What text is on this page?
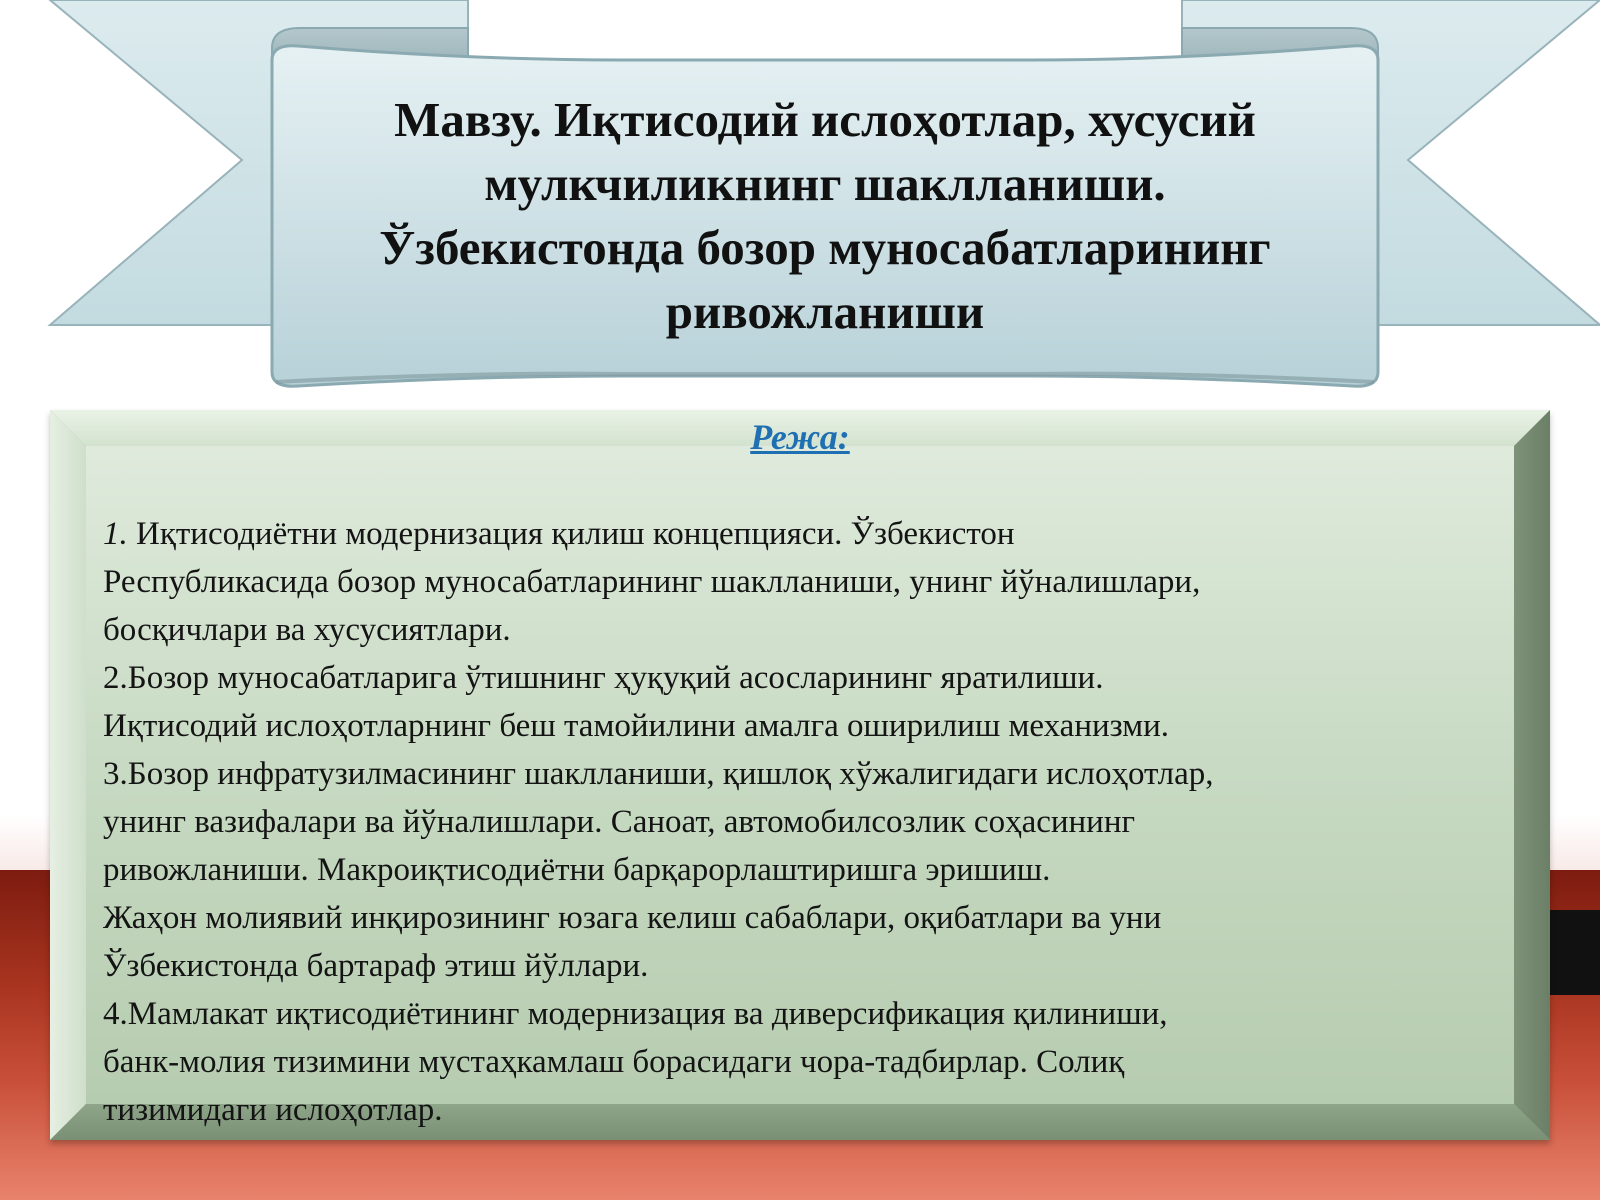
Мавзу. Иқтисодий ислоҳотлар, хусусий
мулкчиликнинг шаклланиши.
Ўзбекистонда бозор муносабатларининг
ривожланиши
Режа:
1. Иқтисодиётни модернизация қилиш концепцияси. Ўзбекистон
Республикасида бозор муносабатларининг шаклланиши, унинг йўналишлари,
босқичлари ва хусусиятлари.
2.Бозор муносабатларига ўтишнинг ҳуқуқий асосларининг яратилиши.
Иқтисодий ислоҳотларнинг беш тамойилини амалга оширилиш механизми.
3.Бозор инфратузилмасининг шаклланиши, қишлоқ хўжалигидаги ислоҳотлар,
унинг вазифалари ва йўналишлари. Саноат, автомобилсозлик соҳасининг
ривожланиши. Макроиқтисодиётни барқарорлаштиришга эришиш.
Жаҳон молиявий инқирозининг юзага келиш сабаблари, оқибатлари ва уни
Ўзбекистонда бартараф этиш йўллари.
4.Мамлакат иқтисодиётининг модернизация ва диверсификация қилиниши,
банк-молия тизимини мустаҳкамлаш борасидаги чора-тадбирлар. Солиқ
тизимидаги ислоҳотлар.
